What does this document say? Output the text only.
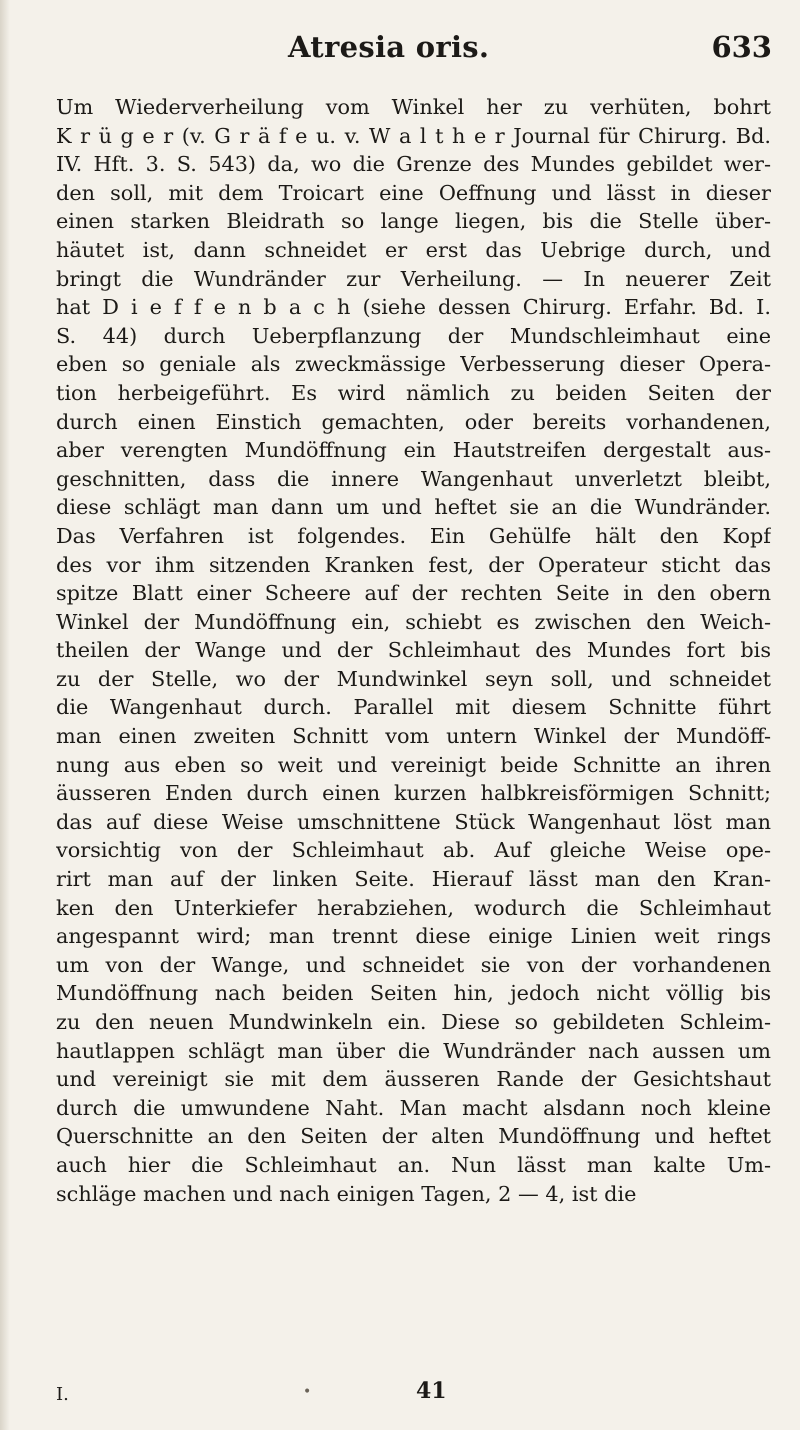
Atresia oris.	633
Um Wiederverheilung vom Winkel her zu verhüten, bohrt
K r ü g e r (v. G r ä f e u. v. W a l t h e r Journal für Chirurg. Bd.
IV. Hft. 3. S. 543) da, wo die Grenze des Mundes gebildet wer-
den soll, mit dem Troicart eine Oeffnung und lässt in dieser
einen starken Bleidrath so lange liegen, bis die Stelle über-
häutet ist, dann schneidet er erst das Uebrige durch, und
bringt die Wundränder zur Verheilung. — In neuerer Zeit
hat D i e f f e n b a c h (siehe dessen Chirurg. Erfahr. Bd. I.
S. 44) durch Ueberpflanzung der Mundschleimhaut eine
eben so geniale als zweckmässige Verbesserung dieser Opera-
tion herbeigeführt. Es wird nämlich zu beiden Seiten der
durch einen Einstich gemachten, oder bereits vorhandenen,
aber verengten Mundöffnung ein Hautstreifen dergestalt aus-
geschnitten, dass die innere Wangenhaut unverletzt bleibt,
diese schlägt man dann um und heftet sie an die Wundränder.
Das Verfahren ist folgendes. Ein Gehülfe hält den Kopf
des vor ihm sitzenden Kranken fest, der Operateur sticht das
spitze Blatt einer Scheere auf der rechten Seite in den obern
Winkel der Mundöffnung ein, schiebt es zwischen den Weich-
theilen der Wange und der Schleimhaut des Mundes fort bis
zu der Stelle, wo der Mundwinkel seyn soll, und schneidet
die Wangenhaut durch. Parallel mit diesem Schnitte führt
man einen zweiten Schnitt vom untern Winkel der Mundöff-
nung aus eben so weit und vereinigt beide Schnitte an ihren
äusseren Enden durch einen kurzen halbkreisförmigen Schnitt;
das auf diese Weise umschnittene Stück Wangenhaut löst man
vorsichtig von der Schleimhaut ab. Auf gleiche Weise ope-
rirt man auf der linken Seite. Hierauf lässt man den Kran-
ken den Unterkiefer herabziehen, wodurch die Schleimhaut
angespannt wird; man trennt diese einige Linien weit rings
um von der Wange, und schneidet sie von der vorhandenen
Mundöffnung nach beiden Seiten hin, jedoch nicht völlig bis
zu den neuen Mundwinkeln ein. Diese so gebildeten Schleim-
hautlappen schlägt man über die Wundränder nach aussen um
und vereinigt sie mit dem äusseren Rande der Gesichtshaut
durch die umwundene Naht. Man macht alsdann noch kleine
Querschnitte an den Seiten der alten Mundöffnung und heftet
auch hier die Schleimhaut an. Nun lässt man kalte Um-
schläge machen und nach einigen Tagen, 2 — 4, ist die
I.	•	41
